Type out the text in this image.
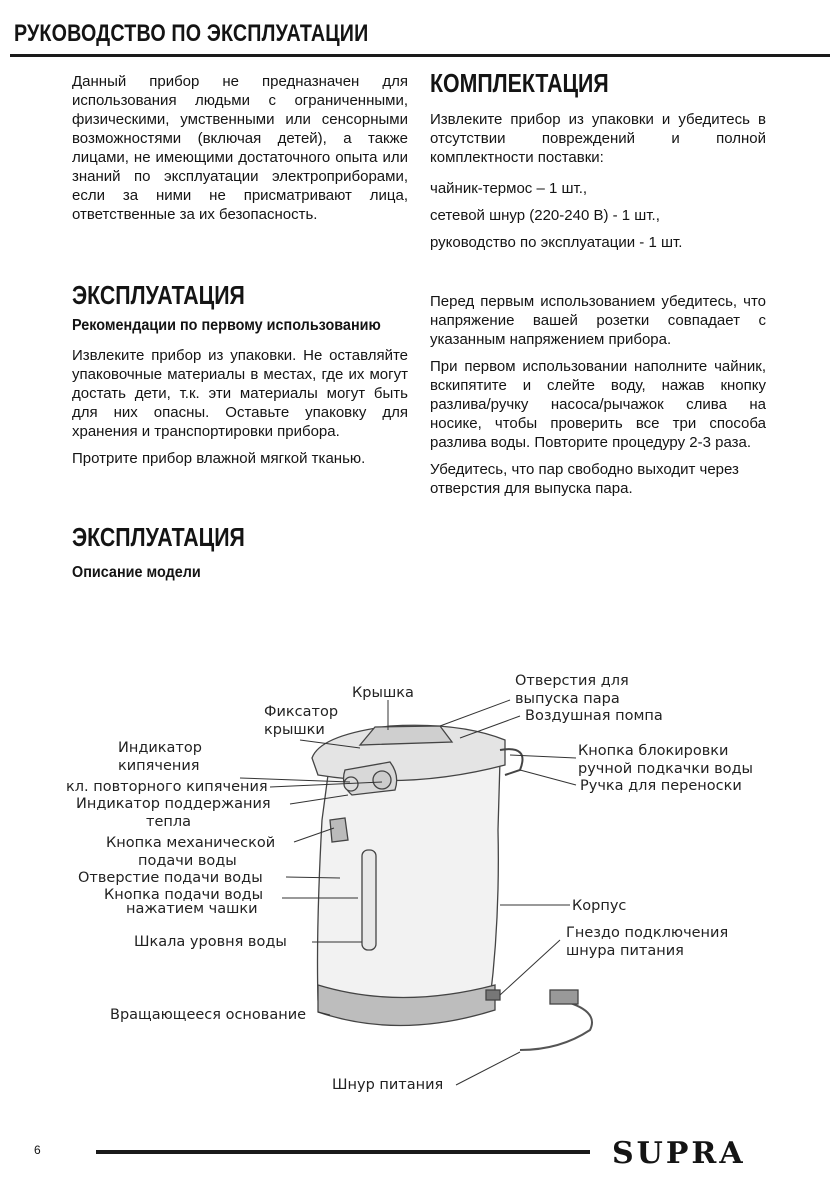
РУКОВОДСТВО ПО ЭКСПЛУАТАЦИИ

Данный прибор не предназначен для использования людьми с ограниченными, физическими, умственными или сенсорными возможностями (включая детей), а также лицами, не имеющими достаточного опыта или знаний по эксплуатации электроприборами, если за ними не присматривают лица, ответственные за их безопасность.

КОМПЛЕКТАЦИЯ

Извлеките прибор из упаковки и убедитесь в отсутствии повреждений и полной комплектности поставки:

чайник-термос – 1 шт.,
сетевой шнур (220-240 В) - 1 шт.,
руководство по эксплуатации - 1 шт.
ЭКСПЛУАТАЦИЯ
Рекомендации по первому использованию

Извлеките прибор из упаковки. Не оставляйте упаковочные материалы в местах, где их могут достать дети, т.к. эти материалы могут быть для них опасны. Оставьте упаковку для хранения и транспортировки прибора.

Протрите прибор влажной мягкой тканью.

Перед первым использованием убедитесь, что напряжение вашей розетки совпадает с указанным напряжением прибора.

При первом использовании наполните чайник, вскипятите и слейте воду, нажав кнопку разлива/ручку насоса/рычажок слива на носике, чтобы проверить все три способа разлива воды. Повторите процедуру 2-3 раза.

Убедитесь, что пар свободно выходит через отверстия для выпуска пара.

ЭКСПЛУАТАЦИЯ
Описание модели
Крышка
Фиксатор
крышки
Отверстия для
выпуска пара
Воздушная помпа
Индикатор
кипячения
кл. повторного кипячения
Индикатор поддержания
тепла
Кнопка механической
подачи воды
Отверстие подачи воды
Кнопка подачи воды
нажатием чашки
Шкала уровня воды
Кнопка блокировки
ручной подкачки воды
Ручка для переноски
Корпус
Гнездо подключения
шнура питания
Вращающееся основание
Шнур питания
6	SUPRA
